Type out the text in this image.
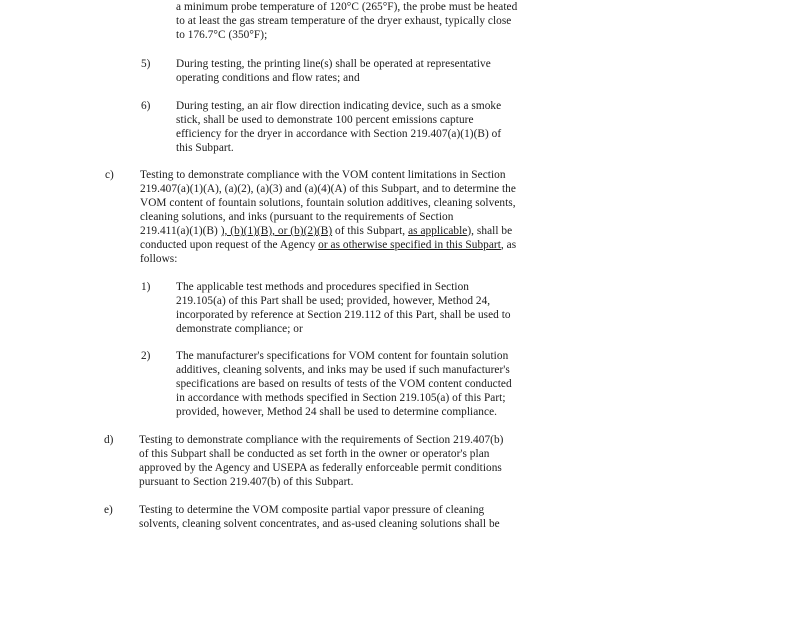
a minimum probe temperature of 120°C (265°F), the probe must be heated
to at least the gas stream temperature of the dryer exhaust, typically close
to 176.7°C (350°F);
5) During testing, the printing line(s) shall be operated at representative
operating conditions and flow rates; and
6) During testing, an air flow direction indicating device, such as a smoke
stick, shall be used to demonstrate 100 percent emissions capture
efficiency for the dryer in accordance with Section 219.407(a)(1)(B) of
this Subpart.
c) Testing to demonstrate compliance with the VOM content limitations in Section
219.407(a)(1)(A), (a)(2), (a)(3) and (a)(4)(A) of this Subpart, and to determine the
VOM content of fountain solutions, fountain solution additives, cleaning solvents,
cleaning solutions, and inks (pursuant to the requirements of Section
219.411(a)(1)(B) ), (b)(1)(B), or (b)(2)(B) of this Subpart, as applicable), shall be
conducted upon request of the Agency or as otherwise specified in this Subpart, as
follows:
1) The applicable test methods and procedures specified in Section
219.105(a) of this Part shall be used; provided, however, Method 24,
incorporated by reference at Section 219.112 of this Part, shall be used to
demonstrate compliance; or
2) The manufacturer's specifications for VOM content for fountain solution
additives, cleaning solvents, and inks may be used if such manufacturer's
specifications are based on results of tests of the VOM content conducted
in accordance with methods specified in Section 219.105(a) of this Part;
provided, however, Method 24 shall be used to determine compliance.
d) Testing to demonstrate compliance with the requirements of Section 219.407(b)
of this Subpart shall be conducted as set forth in the owner or operator's plan
approved by the Agency and USEPA as federally enforceable permit conditions
pursuant to Section 219.407(b) of this Subpart.
e) Testing to determine the VOM composite partial vapor pressure of cleaning
solvents, cleaning solvent concentrates, and as-used cleaning solutions shall be
